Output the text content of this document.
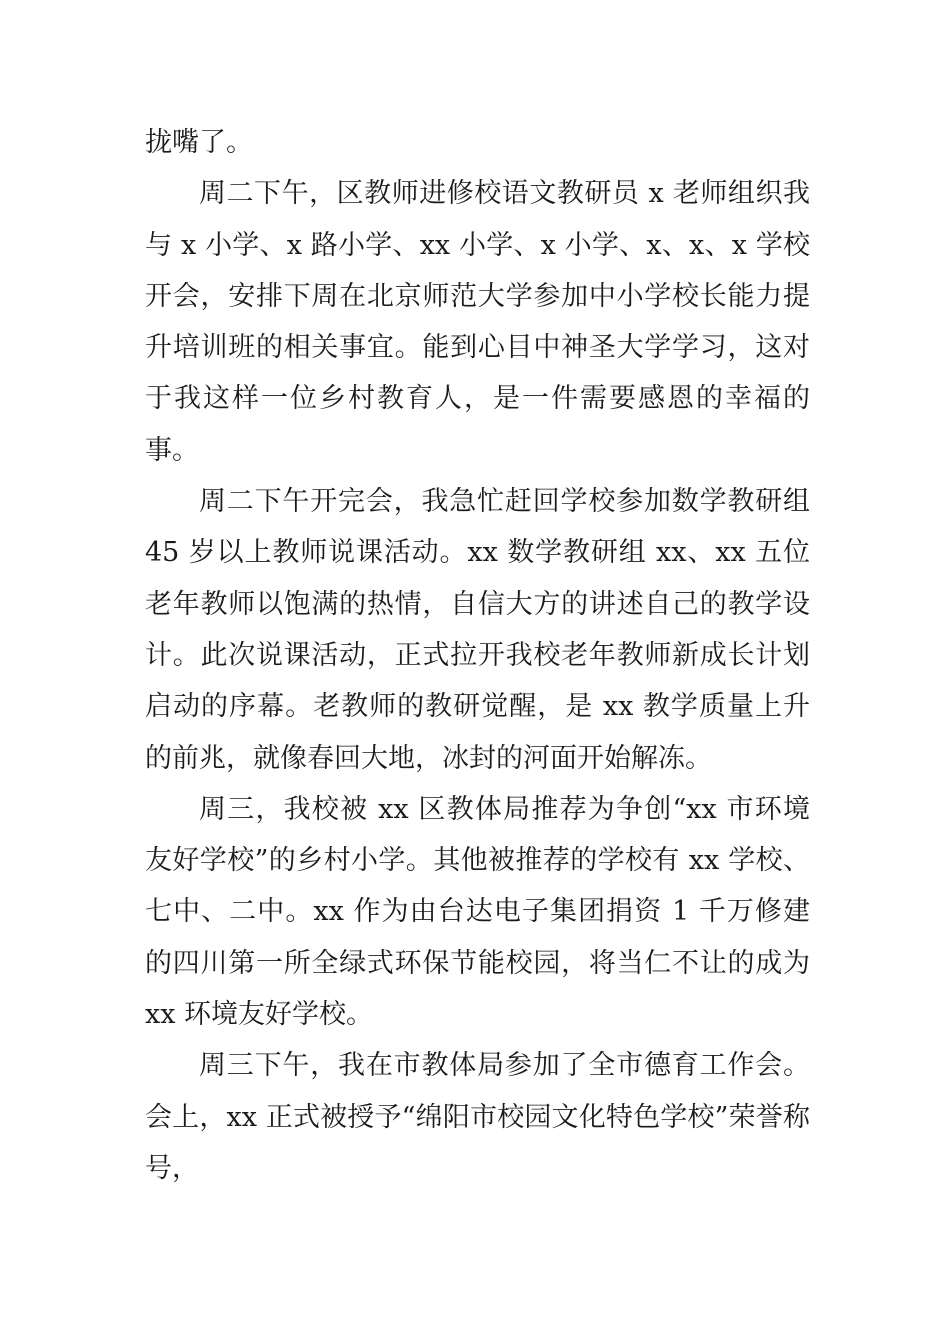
拢嘴了。

周二下午，区教师进修校语文教研员 x 老师组织我与 x 小学、x 路小学、xx 小学、x 小学、x、x、x 学校开会，安排下周在北京师范大学参加中小学校长能力提升培训班的相关事宜。能到心目中神圣大学学习，这对于我这样一位乡村教育人，是一件需要感恩的幸福的事。

周二下午开完会，我急忙赶回学校参加数学教研组 45 岁以上教师说课活动。xx 数学教研组 xx、xx 五位老年教师以饱满的热情，自信大方的讲述自己的教学设计。此次说课活动，正式拉开我校老年教师新成长计划启动的序幕。老教师的教研觉醒，是 xx 教学质量上升的前兆，就像春回大地，冰封的河面开始解冻。

周三，我校被 xx 区教体局推荐为争创“xx 市环境友好学校”的乡村小学。其他被推荐的学校有 xx 学校、七中、二中。xx 作为由台达电子集团捐资 1 千万修建的四川第一所全绿式环保节能校园，将当仁不让的成为 xx 环境友好学校。

周三下午，我在市教体局参加了全市德育工作会。会上，xx 正式被授予“绵阳市校园文化特色学校”荣誉称号，
